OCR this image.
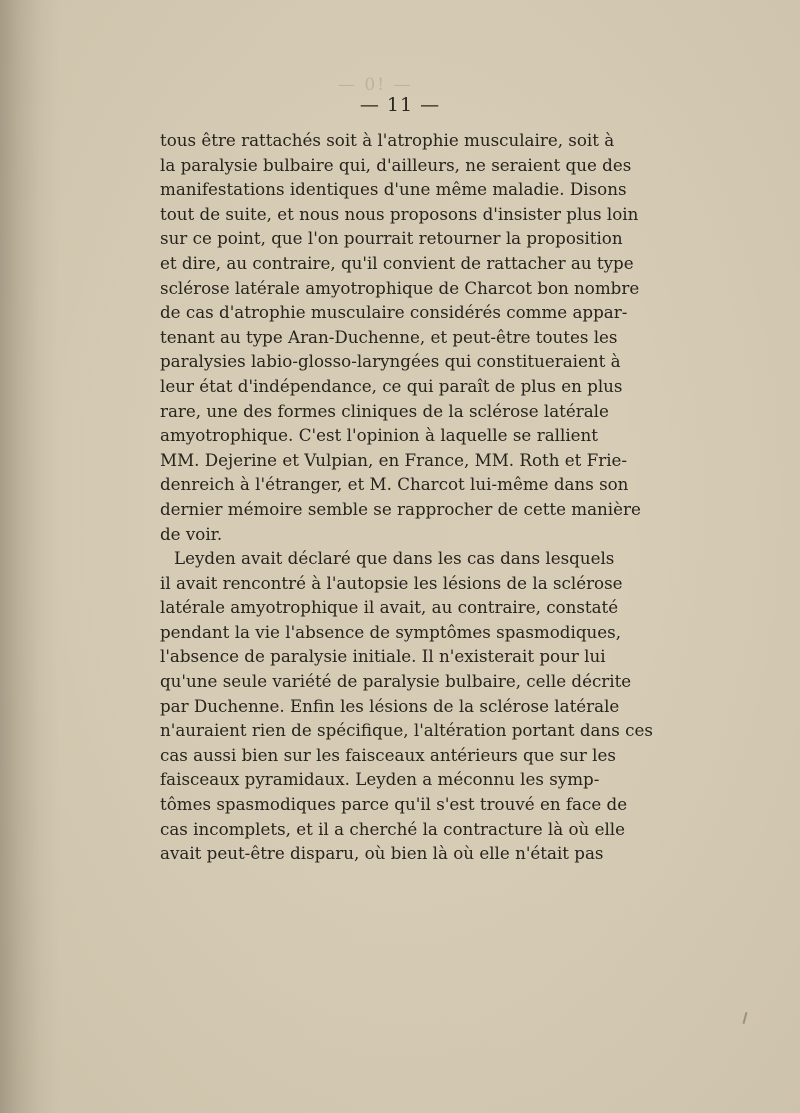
— 0! —
— 11 —
tous être rattachés soit à l'atrophie musculaire, soit à
la paralysie bulbaire qui, d'ailleurs, ne seraient que des
manifestations identiques d'une même maladie. Disons
tout de suite, et nous nous proposons d'insister plus loin
sur ce point, que l'on pourrait retourner la proposition
et dire, au contraire, qu'il convient de rattacher au type
sclérose latérale amyotrophique de Charcot bon nombre
de cas d'atrophie musculaire considérés comme appar-
tenant au type Aran-Duchenne, et peut-être toutes les
paralysies labio-glosso-laryngées qui constitueraient à
leur état d'indépendance, ce qui paraît de plus en plus
rare, une des formes cliniques de la sclérose latérale
amyotrophique. C'est l'opinion à laquelle se rallient
MM. Dejerine et Vulpian, en France, MM. Roth et Frie-
denreich à l'étranger, et M. Charcot lui-même dans son
dernier mémoire semble se rapprocher de cette manière
de voir.
Leyden avait déclaré que dans les cas dans lesquels
il avait rencontré à l'autopsie les lésions de la sclérose
latérale amyotrophique il avait, au contraire, constaté
pendant la vie l'absence de symptômes spasmodiques,
l'absence de paralysie initiale. Il n'existerait pour lui
qu'une seule variété de paralysie bulbaire, celle décrite
par Duchenne. Enfin les lésions de la sclérose latérale
n'auraient rien de spécifique, l'altération portant dans ces
cas aussi bien sur les faisceaux antérieurs que sur les
faisceaux pyramidaux. Leyden a méconnu les symp-
tômes spasmodiques parce qu'il s'est trouvé en face de
cas incomplets, et il a cherché la contracture là où elle
avait peut-être disparu, où bien là où elle n'était pas
